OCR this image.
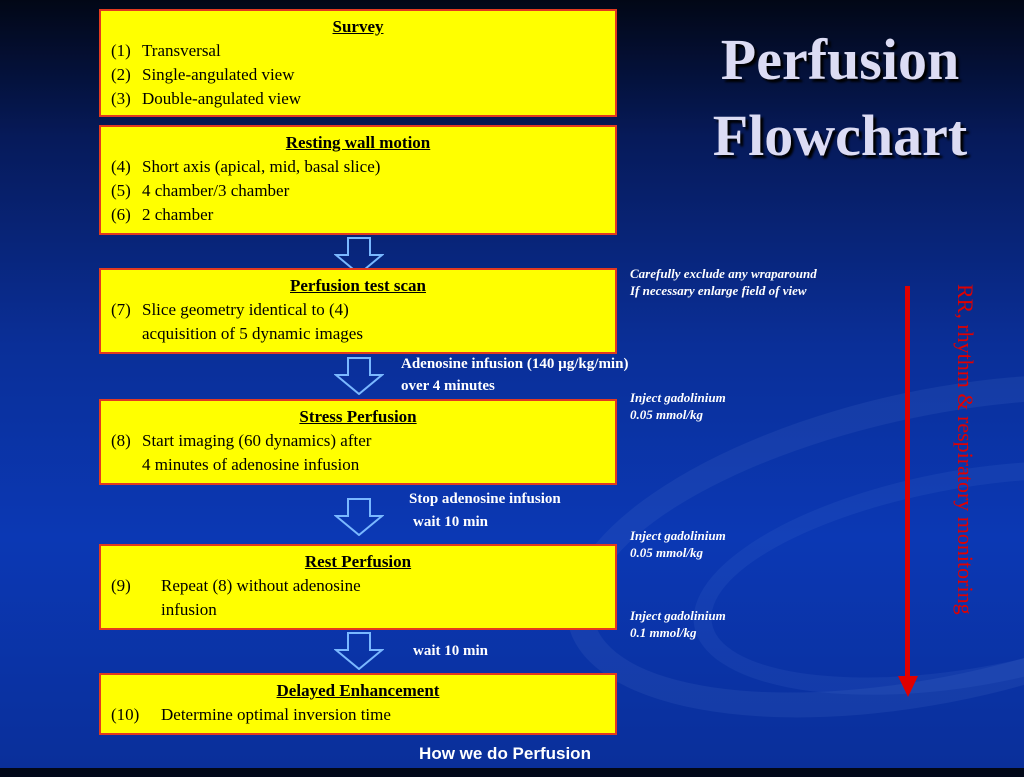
Perfusion
Flowchart
Survey
(1) Transversal
(2) Single-angulated view
(3) Double-angulated view
Resting wall motion
(4) Short axis (apical, mid, basal slice)
(5) 4 chamber/3 chamber
(6) 2 chamber
Perfusion test scan
(7) Slice geometry identical to (4)
acquisition of 5 dynamic images
Adenosine infusion (140 µg/kg/min)
over 4 minutes
Stress Perfusion
(8) Start imaging (60 dynamics) after
4 minutes of adenosine infusion
Stop adenosine infusion
wait 10 min
Rest Perfusion
(9)	Repeat (8) without adenosine
infusion
wait 10 min
Delayed Enhancement
(10)	Determine optimal inversion time
Carefully exclude any wraparound
If necessary enlarge field of view
Inject gadolinium
0.05 mmol/kg
Inject gadolinium
0.05 mmol/kg
Inject gadolinium
0.1 mmol/kg
RR, rhythm & respiratory monitoring
How we do Perfusion
